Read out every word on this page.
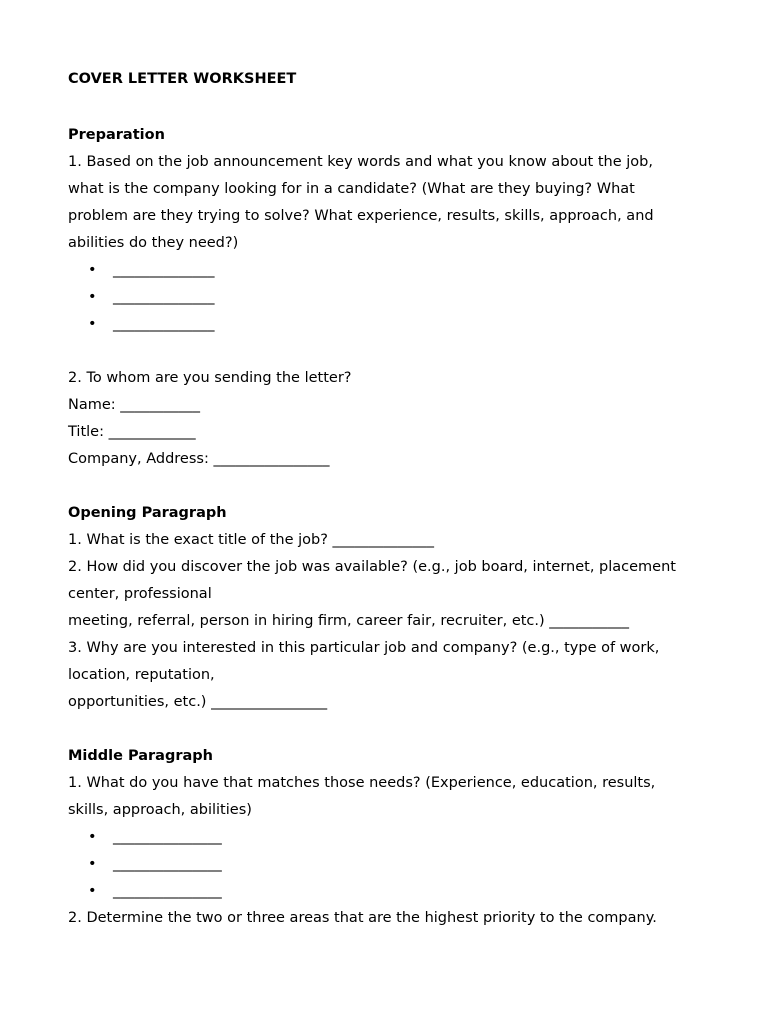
COVER LETTER WORKSHEET
Preparation
1. Based on the job announcement key words and what you know about the job,
what is the company looking for in a candidate? (What are they buying? What
problem are they trying to solve? What experience, results, skills, approach, and
abilities do they need?)
• ______________
• ______________
• ______________
2. To whom are you sending the letter?
Name: ___________
Title: ____________
Company, Address: ________________
Opening Paragraph
1. What is the exact title of the job? ______________
2. How did you discover the job was available? (e.g., job board, internet, placement
center, professional
meeting, referral, person in hiring firm, career fair, recruiter, etc.) ___________
3. Why are you interested in this particular job and company? (e.g., type of work,
location, reputation,
opportunities, etc.) ________________
Middle Paragraph
1. What do you have that matches those needs? (Experience, education, results,
skills, approach, abilities)
• _______________
• _______________
• _______________
2. Determine the two or three areas that are the highest priority to the company.
